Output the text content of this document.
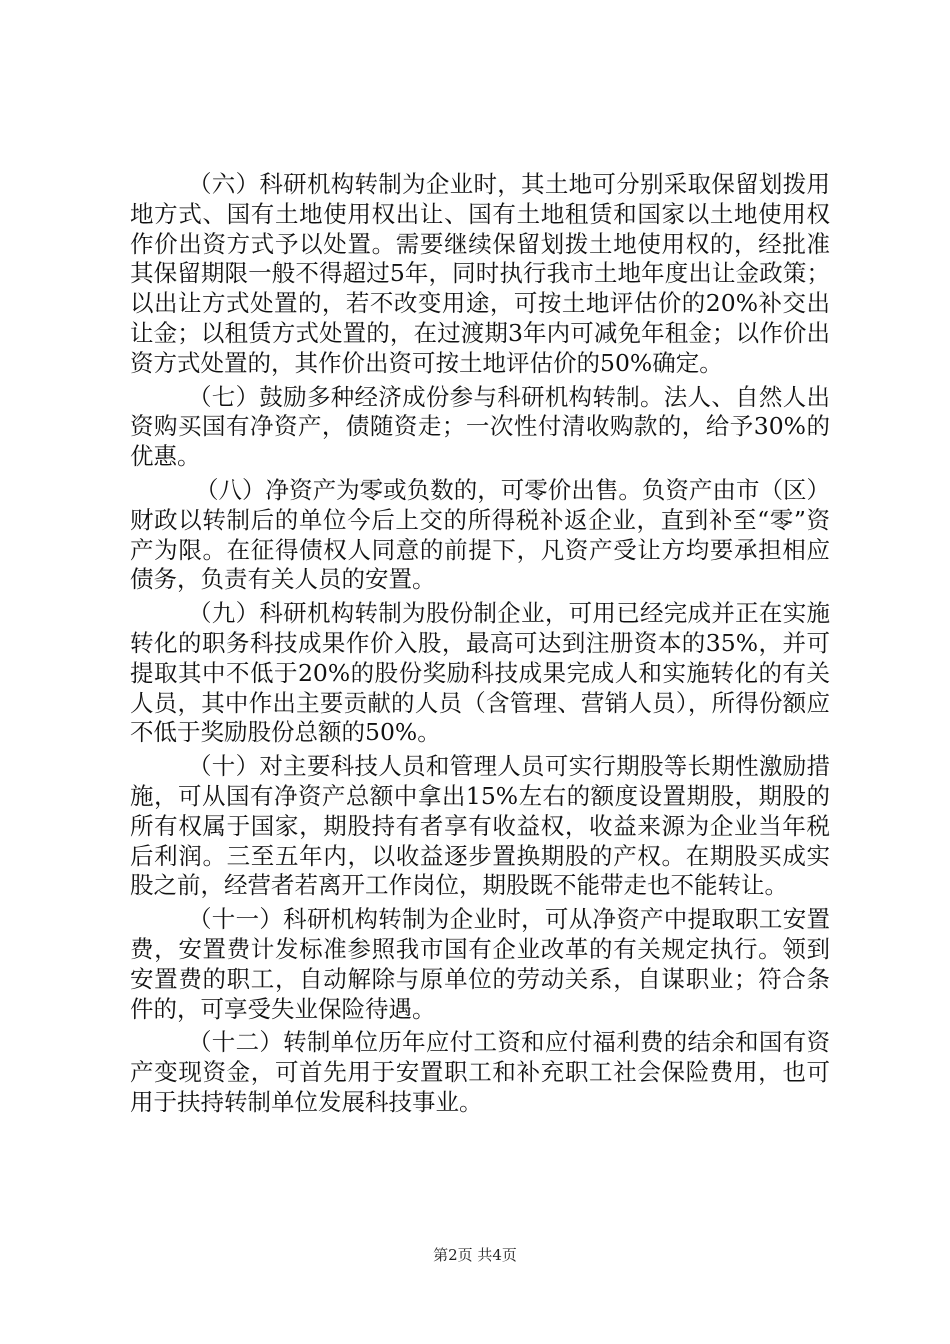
（六）科研机构转制为企业时，其土地可分别采取保留划拨用地方式、国有土地使用权出让、国有土地租赁和国家以土地使用权作价出资方式予以处置。需要继续保留划拨土地使用权的，经批准其保留期限一般不得超过5年，同时执行我市土地年度出让金政策；以出让方式处置的，若不改变用途，可按土地评估价的20%补交出让金；以租赁方式处置的，在过渡期3年内可减免年租金；以作价出资方式处置的，其作价出资可按土地评估价的50%确定。

（七）鼓励多种经济成份参与科研机构转制。法人、自然人出资购买国有净资产，债随资走；一次性付清收购款的，给予30%的优惠。

（八）净资产为零或负数的，可零价出售。负资产由市（区）财政以转制后的单位今后上交的所得税补返企业，直到补至“零”资产为限。在征得债权人同意的前提下，凡资产受让方均要承担相应债务，负责有关人员的安置。

（九）科研机构转制为股份制企业，可用已经完成并正在实施转化的职务科技成果作价入股，最高可达到注册资本的35%，并可提取其中不低于20%的股份奖励科技成果完成人和实施转化的有关人员，其中作出主要贡献的人员（含管理、营销人员），所得份额应不低于奖励股份总额的50%。

（十）对主要科技人员和管理人员可实行期股等长期性激励措施，可从国有净资产总额中拿出15%左右的额度设置期股，期股的所有权属于国家，期股持有者享有收益权，收益来源为企业当年税后利润。三至五年内，以收益逐步置换期股的产权。在期股买成实股之前，经营者若离开工作岗位，期股既不能带走也不能转让。

（十一）科研机构转制为企业时，可从净资产中提取职工安置费，安置费计发标准参照我市国有企业改革的有关规定执行。领到安置费的职工，自动解除与原单位的劳动关系，自谋职业；符合条件的，可享受失业保险待遇。

（十二）转制单位历年应付工资和应付福利费的结余和国有资产变现资金，可首先用于安置职工和补充职工社会保险费用，也可用于扶持转制单位发展科技事业。

第2页 共4页
